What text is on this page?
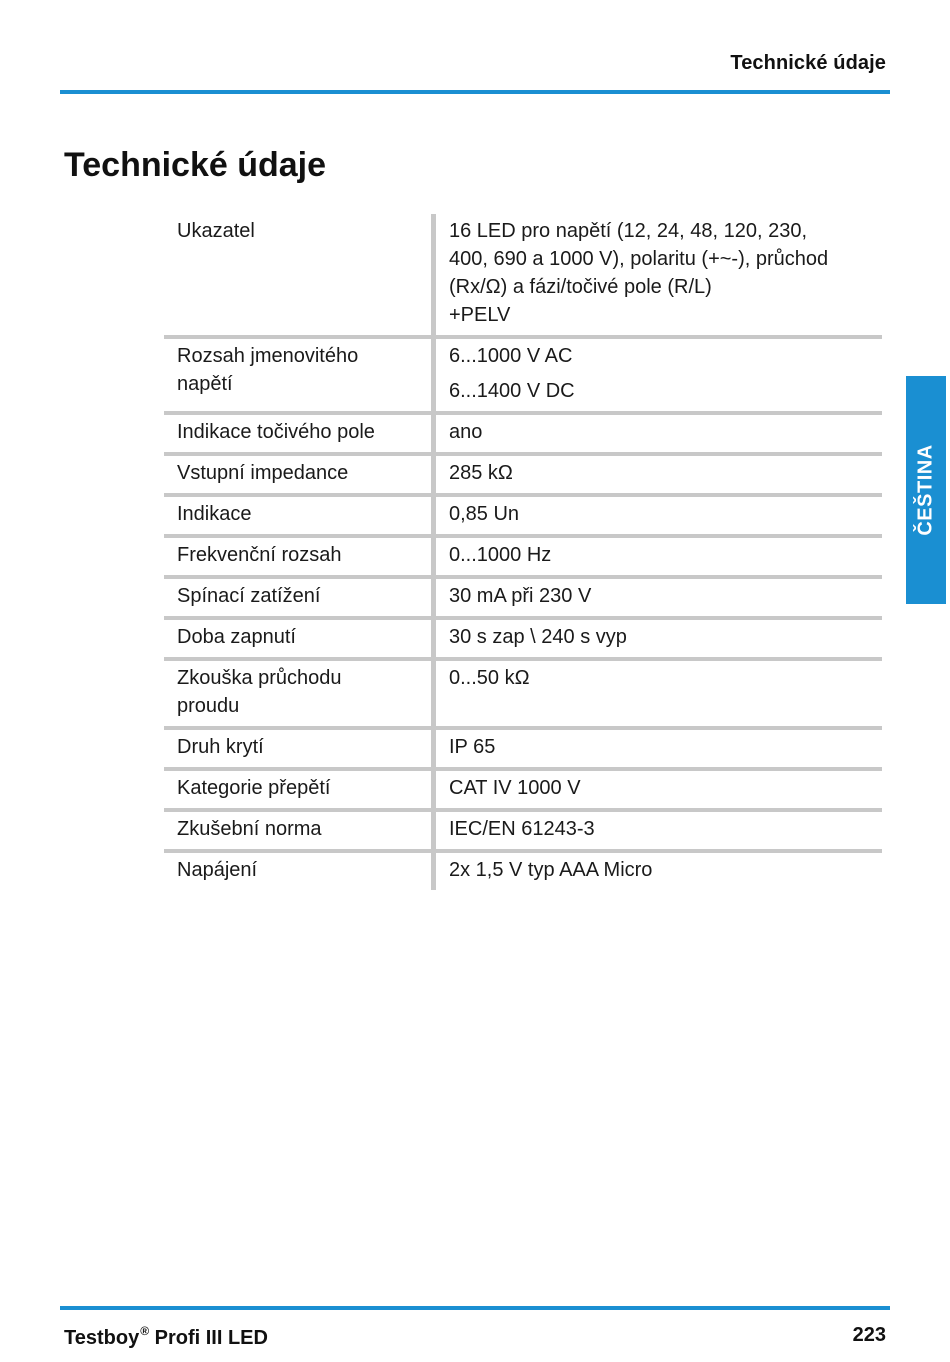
Technické údaje
Technické údaje
ČEŠTINA
Ukazatel	16 LED pro napětí (12, 24, 48, 120, 230,
400, 690 a 1000 V), polaritu (+~-), průchod
(Rx/Ω) a fázi/točivé pole (R/L)
+PELV

Rozsah jmenovitého
napětí	6...1000 V AC
6...1400 V DC

Indikace točivého pole	ano

Vstupní impedance	285 kΩ

Indikace	0,85 Un

Frekvenční rozsah	0...1000 Hz

Spínací zatížení	30 mA při 230 V

Doba zapnutí	30 s zap \ 240 s vyp

Zkouška průchodu
proudu	0...50 kΩ

Druh krytí	IP 65

Kategorie přepětí	CAT IV 1000 V

Zkušební norma	IEC/EN 61243-3

Napájení	2x 1,5 V typ AAA Micro
Testboy® Profi III LED	223
